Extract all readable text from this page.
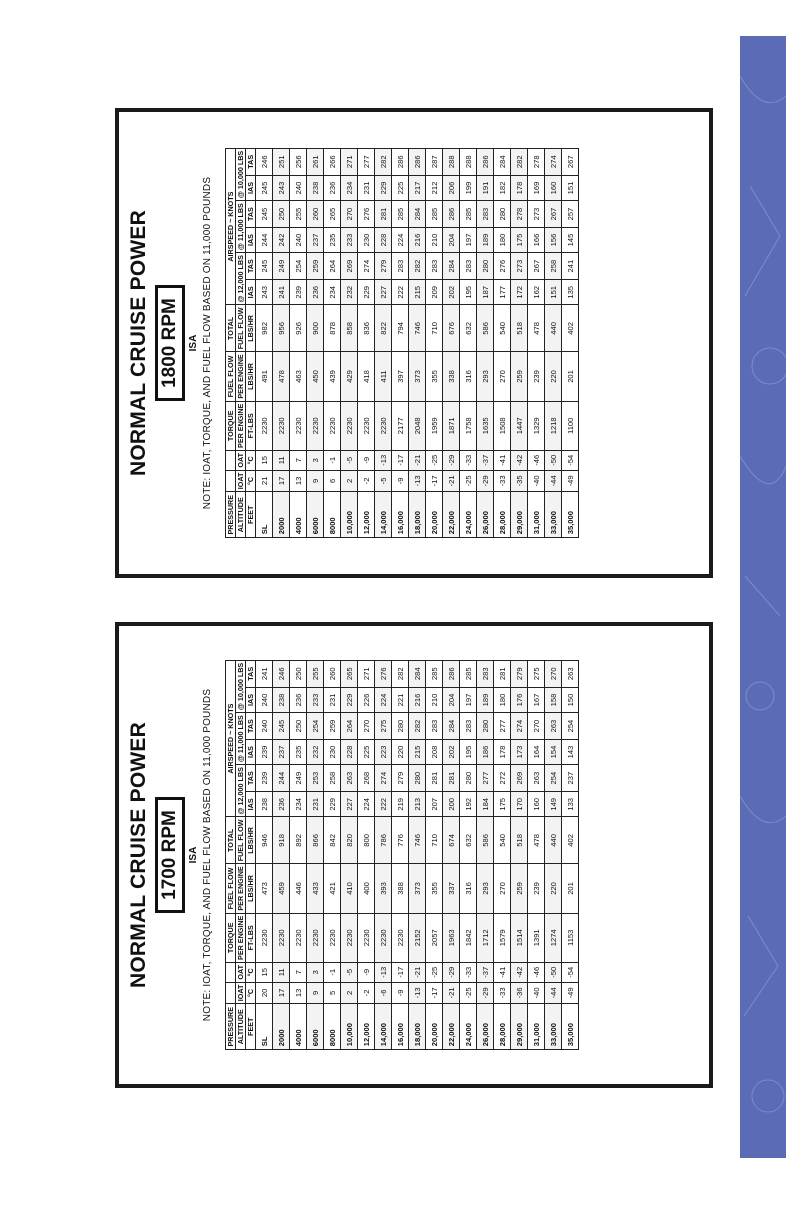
NORMAL CRUISE POWER 1800 RPM ISA NOTE: IOAT, TORQUE, AND FUEL FLOW BASED ON 11,000 POUNDS
PRESSURE			TORQUE	FUEL FLOW	TOTAL	AIRSPEED ~ KNOTS					
ALTITUDE	IOAT	OAT	PER ENGINE	PER ENGINE	FUEL FLOW	@ 12,000 LBS		@ 11,000 LBS		@ 10,000 LBS	
FEET	°C	°C	FT-LBS	LBS/HR	LBS/HR	IAS	TAS	IAS	TAS	IAS	TAS
SL	21	15	2230	491	982	243	245	244	245	245	246
2000	17	11	2230	478	956	241	249	242	250	243	251
4000	13	7	2230	463	926	239	254	240	255	240	256
6000	9	3	2230	450	900	236	259	237	260	238	261
8000	6	-1	2230	439	878	234	264	235	265	236	266
10,000	2	-5	2230	429	858	232	269	233	270	234	271
12,000	-2	-9	2230	418	836	229	274	230	276	231	277
14,000	-5	-13	2230	411	822	227	279	228	281	229	282
16,000	-9	-17	2177	397	794	222	283	224	285	225	286
18,000	-13	-21	2048	373	746	215	282	216	284	217	286
20,000	-17	-25	1959	355	710	209	283	210	285	212	287
22,000	-21	-29	1871	338	676	202	284	204	286	206	288
24,000	-25	-33	1758	316	632	195	283	197	285	199	288
26,000	-29	-37	1635	293	586	187	280	189	283	191	286
28,000	-33	-41	1508	270	540	177	276	180	280	182	284
29,000	-35	-42	1447	259	518	172	273	175	278	178	282
31,000	-40	-46	1329	239	478	162	267	166	273	169	278
33,000	-44	-50	1218	220	440	151	258	156	267	160	274
35,000	-49	-54	1100	201	402	135	241	145	257	151	267
NORMAL CRUISE POWER 1700 RPM ISA NOTE: IOAT, TORQUE, AND FUEL FLOW BASED ON 11,000 POUNDS
PRESSURE			TORQUE	FUEL FLOW	TOTAL	AIRSPEED ~ KNOTS					
ALTITUDE	IOAT	OAT	PER ENGINE	PER ENGINE	FUEL FLOW	@ 12,000 LBS		@ 11,000 LBS		@ 10,000 LBS	
FEET	°C	°C	FT-LBS	LBS/HR	LBS/HR	IAS	TAS	IAS	TAS	IAS	TAS
SL	20	15	2230	473	946	238	239	239	240	240	241
2000	17	11	2230	459	918	236	244	237	245	238	246
4000	13	7	2230	446	892	234	249	235	250	236	250
6000	9	3	2230	433	866	231	253	232	254	233	255
8000	5	-1	2230	421	842	229	258	230	259	231	260
10,000	2	-5	2230	410	820	227	263	228	264	229	265
12,000	-2	-9	2230	400	800	224	268	225	270	226	271
14,000	-6	-13	2230	393	786	222	274	223	275	224	276
16,000	-9	-17	2230	388	776	219	279	220	280	221	282
18,000	-13	-21	2152	373	746	213	280	215	282	216	284
20,000	-17	-25	2057	355	710	207	281	208	283	210	285
22,000	-21	-29	1963	337	674	200	281	202	284	204	286
24,000	-25	-33	1842	316	632	192	280	195	283	197	285
26,000	-29	-37	1712	293	586	184	277	186	280	189	283
28,000	-33	-41	1579	270	540	175	272	178	277	180	281
29,000	-36	-42	1514	259	518	170	269	173	274	176	279
31,000	-40	-46	1391	239	478	160	263	164	270	167	275
33,000	-44	-50	1274	220	440	149	254	154	263	158	270
35,000	-49	-54	1153	201	402	133	237	143	254	150	263
